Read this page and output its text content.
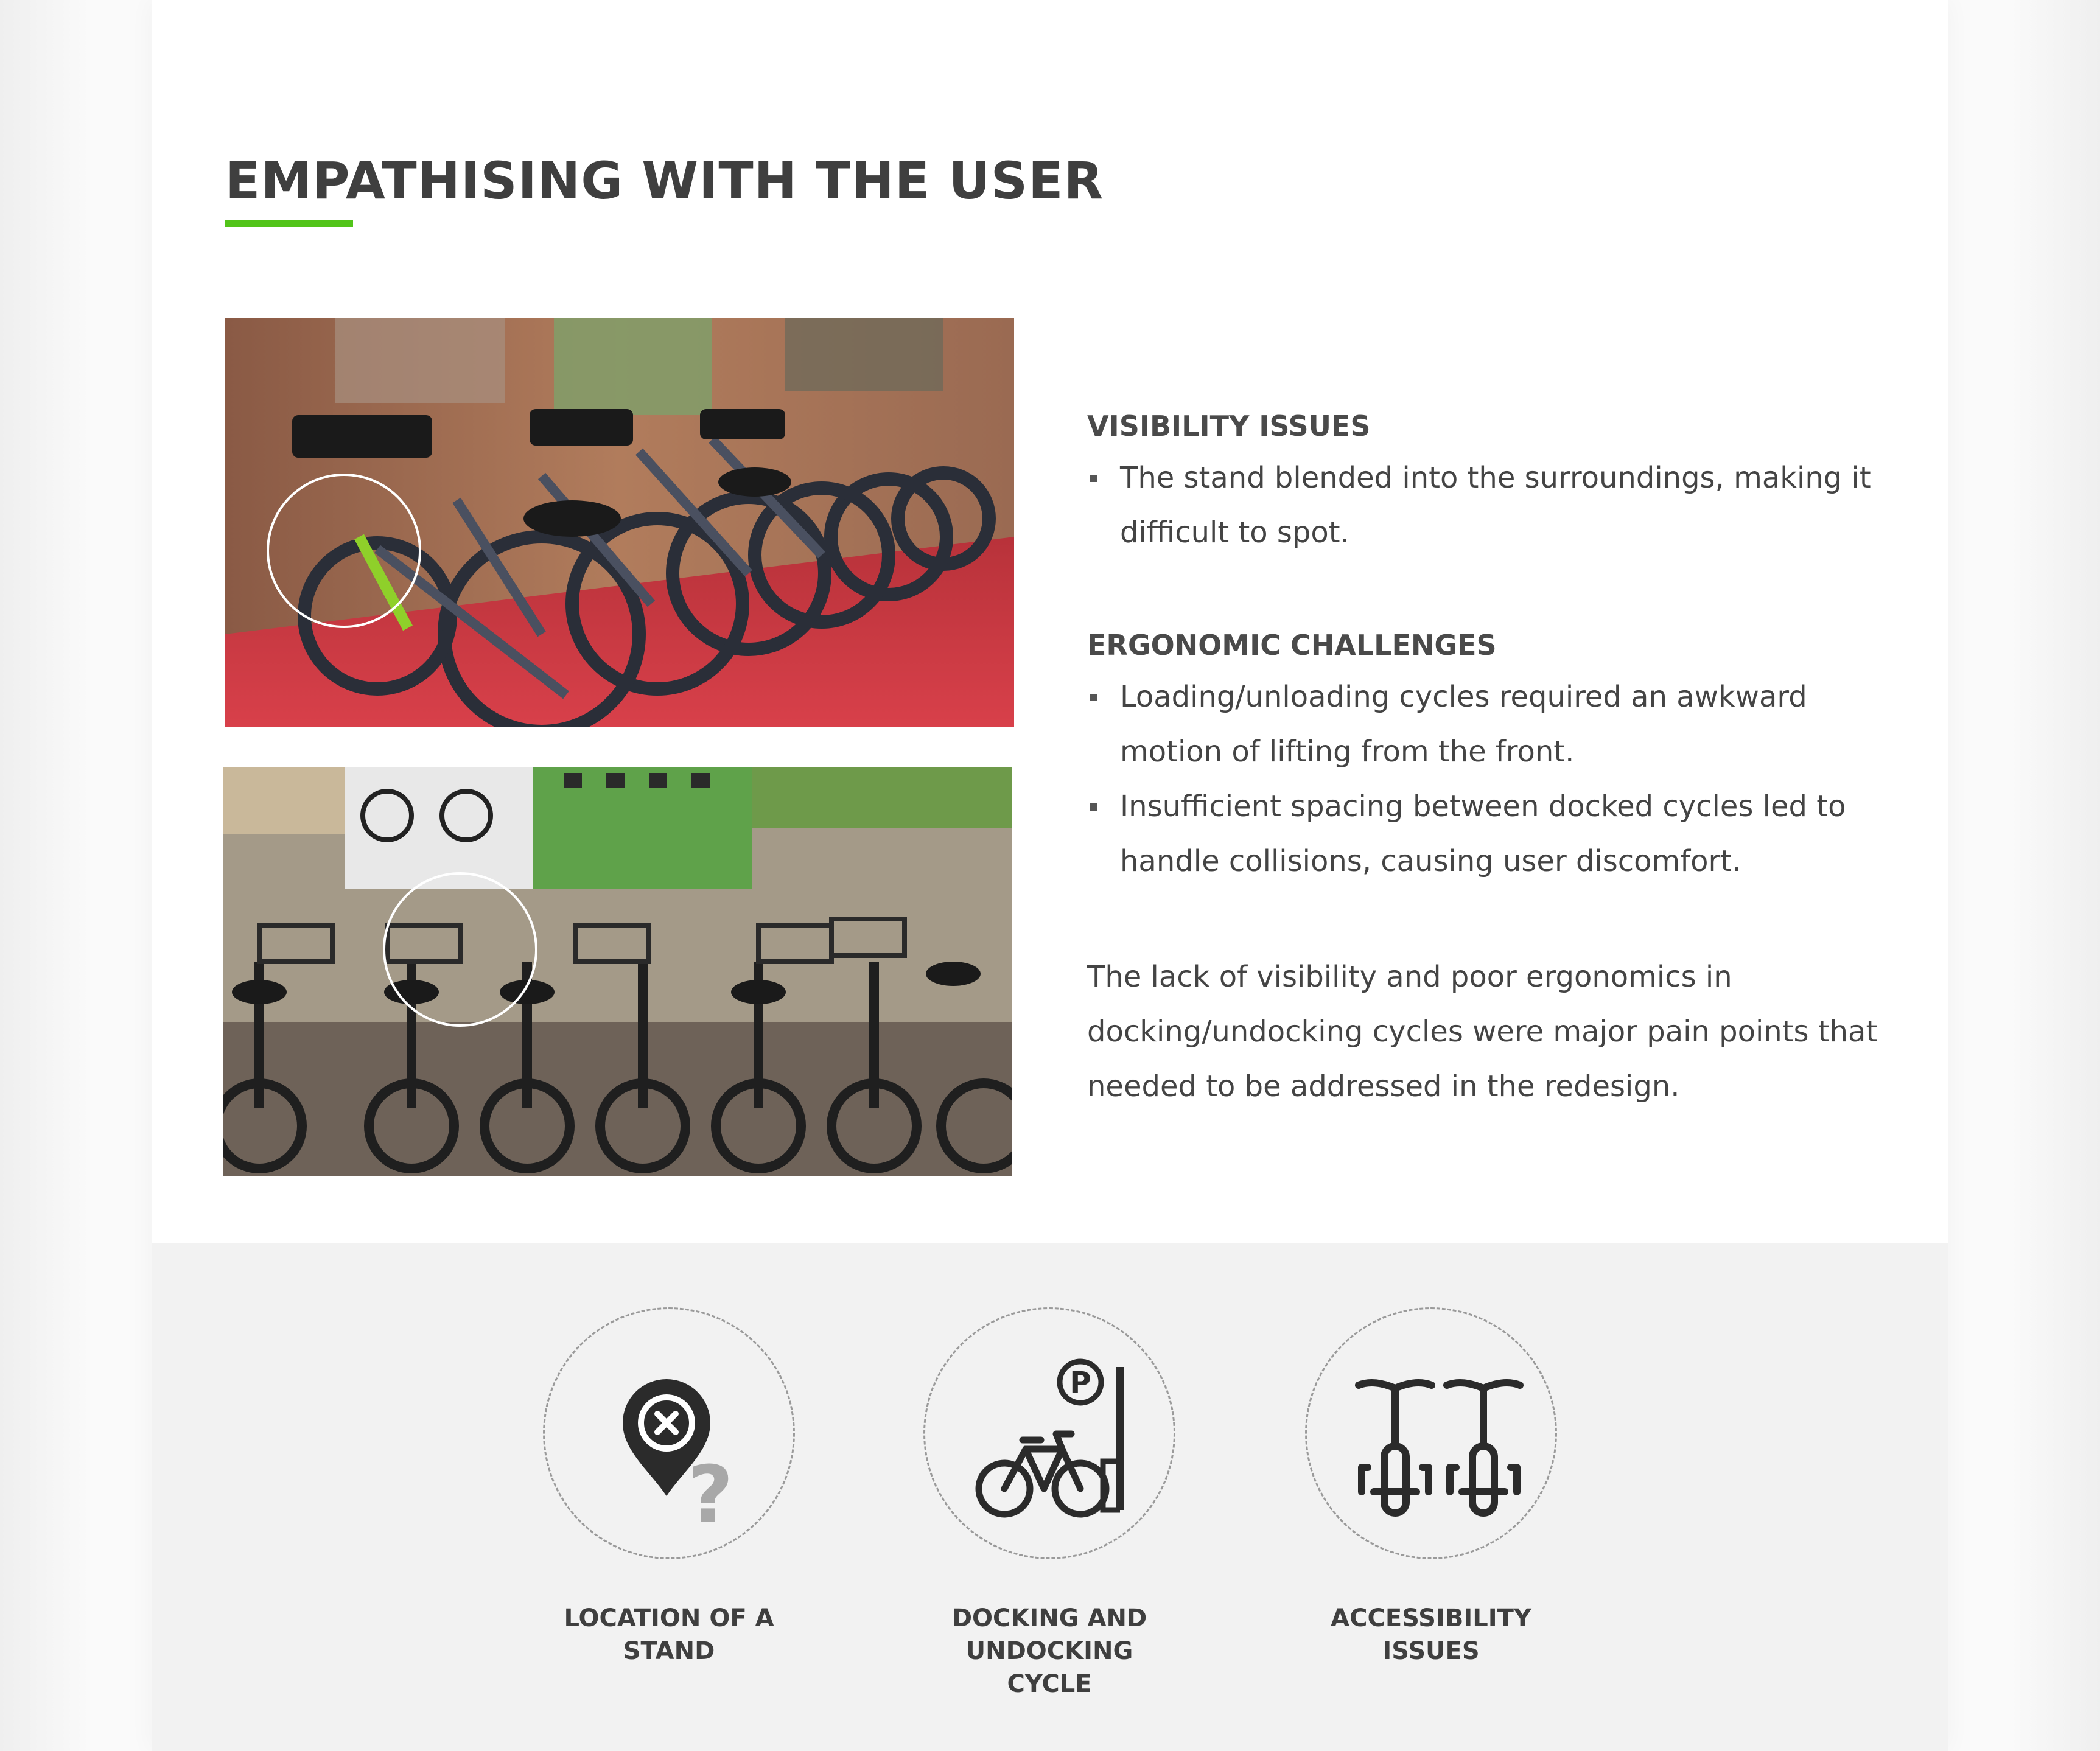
EMPATHISING WITH THE USER
VISIBILITY ISSUES
The stand blended into the surroundings, making it difficult to spot.
ERGONOMIC CHALLENGES
Loading/unloading cycles required an awkward motion of lifting from the front.
Insufficient spacing between docked cycles led to handle collisions, causing user discomfort.

The lack of visibility and poor ergonomics in docking/undocking cycles were major pain points that needed to be addressed in the redesign.

?
LOCATION OF A STAND
P
DOCKING AND UNDOCKING CYCLE
ACCESSIBILITY ISSUES
